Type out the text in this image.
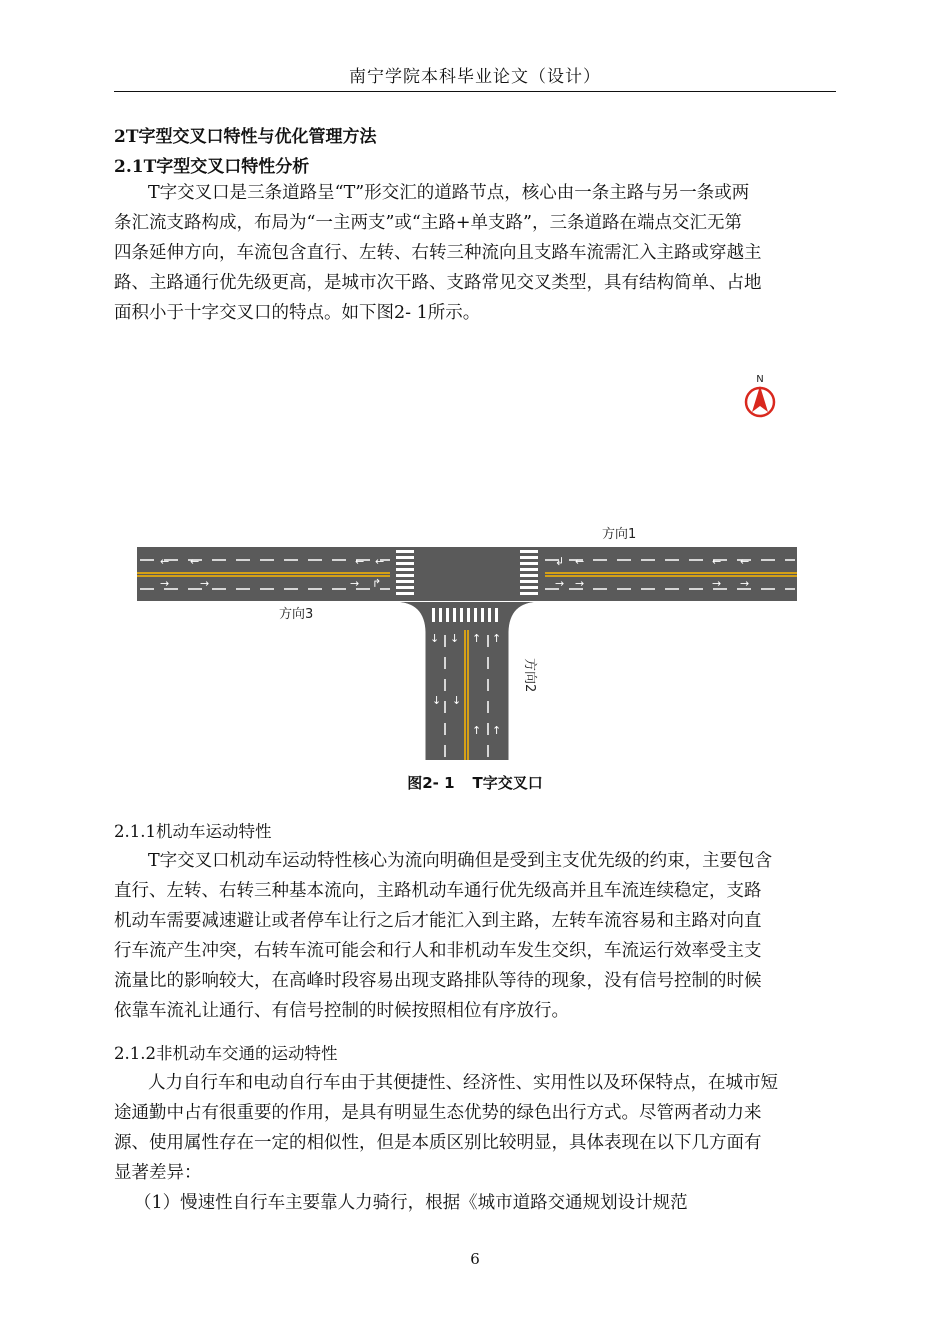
南宁学院本科毕业论文（设计）
2T字型交叉口特性与优化管理方法
2.1T字型交叉口特性分析
T字交叉口是三条道路呈“T”形交汇的道路节点，核心由一条主路与另一条或两
条汇流支路构成，布局为“一主两支”或“主路+单支路”，三条道路在端点交汇无第
四条延伸方向，车流包含直行、左转、右转三种流向且支路车流需汇入主路或穿越主
路、主路通行优先级更高，是城市次干路、支路常见交叉类型，具有结构简单、占地
面积小于十字交叉口的特点。如下图2- 1所示。
N
← ←	← ←
→	→	→ ↱
↲ ←	← ←
→ →	→ →
↓ ↓
↓ ↓
↑ ↑
↑ ↑
方向1
方向3
方向2
图2- 1 T字交叉口
2.1.1机动车运动特性
T字交叉口机动车运动特性核心为流向明确但是受到主支优先级的约束，主要包含
直行、左转、右转三种基本流向，主路机动车通行优先级高并且车流连续稳定，支路
机动车需要减速避让或者停车让行之后才能汇入到主路，左转车流容易和主路对向直
行车流产生冲突，右转车流可能会和行人和非机动车发生交织，车流运行效率受主支
流量比的影响较大，在高峰时段容易出现支路排队等待的现象，没有信号控制的时候
依靠车流礼让通行、有信号控制的时候按照相位有序放行。
2.1.2非机动车交通的运动特性
人力自行车和电动自行车由于其便捷性、经济性、实用性以及环保特点，在城市短
途通勤中占有很重要的作用，是具有明显生态优势的绿色出行方式。尽管两者动力来
源、使用属性存在一定的相似性，但是本质区别比较明显，具体表现在以下几方面有
显著差异：
（1）慢速性自行车主要靠人力骑行，根据《城市道路交通规划设计规范
6
